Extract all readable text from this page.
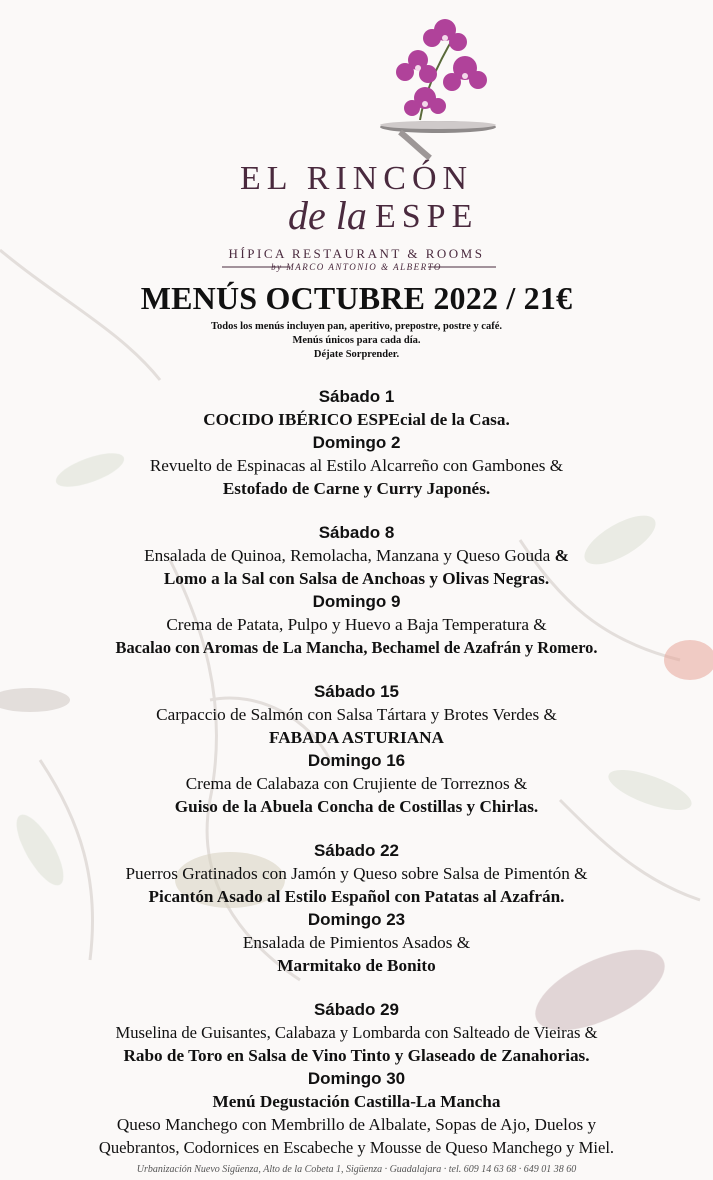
EL RINCÓN
de la ESPE
HÍPICA RESTAURANT & ROOMS
by MARCO ANTONIO & ALBERTO
MENÚS OCTUBRE 2022 / 21€
Todos los menús incluyen pan, aperitivo, prepostre, postre y café.
Menús únicos para cada día.
Déjate Sorprender.
Sábado 1
COCIDO IBÉRICO ESPEcial de la Casa.
Domingo 2
Revuelto de Espinacas al Estilo Alcarreño con Gambones &
Estofado de Carne y Curry Japonés.
Sábado 8
Ensalada de Quinoa, Remolacha, Manzana y Queso Gouda &
Lomo a la Sal con Salsa de Anchoas y Olivas Negras.
Domingo 9
Crema de Patata, Pulpo y Huevo a Baja Temperatura &
Bacalao con Aromas de La Mancha, Bechamel de Azafrán y Romero.
Sábado 15
Carpaccio de Salmón con Salsa Tártara y Brotes Verdes &
FABADA ASTURIANA
Domingo 16
Crema de Calabaza con Crujiente de Torreznos &
Guiso de la Abuela Concha de Costillas y Chirlas.
Sábado 22
Puerros Gratinados con Jamón y Queso sobre Salsa de Pimentón &
Picantón Asado al Estilo Español con Patatas al Azafrán.
Domingo 23
Ensalada de Pimientos Asados &
Marmitako de Bonito
Sábado 29
Muselina de Guisantes, Calabaza y Lombarda con Salteado de Vieiras &
Rabo de Toro en Salsa de Vino Tinto y Glaseado de Zanahorias.
Domingo 30
Menú Degustación Castilla-La Mancha
Queso Manchego con Membrillo de Albalate, Sopas de Ajo, Duelos y
Quebrantos, Codornices en Escabeche y Mousse de Queso Manchego y Miel.
Urbanización Nuevo Sigüenza, Alto de la Cobeta 1, Sigüenza · Guadalajara · tel. 609 14 63 68 · 649 01 38 60
